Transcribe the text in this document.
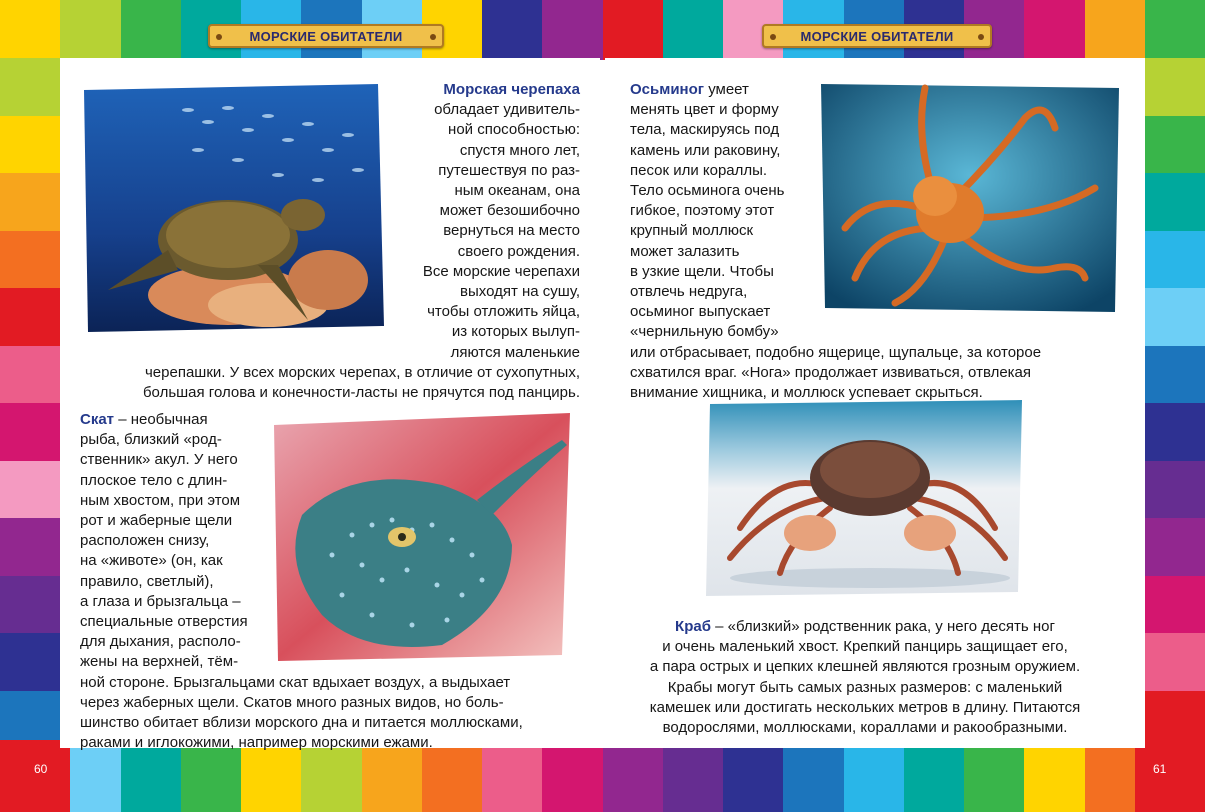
МОРСКИЕ ОБИТАТЕЛИ	МОРСКИЕ ОБИТАТЕЛИ
Морская черепаха
обладает удивитель-
ной способностью:
спустя много лет,
путешествуя по раз-
ным океанам, она
может безошибочно
вернуться на место
своего рождения.
Все морские черепахи
выходят на сушу,
чтобы отложить яйца,
из которых вылуп-
ляются маленькие
черепашки. У всех морских черепах, в отличие от сухопутных,
большая голова и конечности-ласты не прячутся под панцирь.
Скат – необычная
рыба, близкий «род-
ственник» акул. У него
плоское тело с длин-
ным хвостом, при этом
рот и жаберные щели
расположен снизу,
на «животе» (он, как
правило, светлый),
а глаза и брызгальца –
специальные отверстия
для дыхания, располо-
жены на верхней, тём-
ной стороне. Брызгальцами скат вдыхает воздух, а выдыхает
через жаберных щели. Скатов много разных видов, но боль-
шинство обитает вблизи морского дна и питается моллюсками,
раками и иглокожими, например морскими ежами.
Осьминог умеет
менять цвет и форму
тела, маскируясь под
камень или раковину,
песок или кораллы.
Тело осьминога очень
гибкое, поэтому этот
крупный моллюск
может залазить
в узкие щели. Чтобы
отвлечь недруга,
осьминог выпускает
«чернильную бомбу»
или отбрасывает, подобно ящерице, щупальце, за которое
схватился враг. «Нога» продолжает извиваться, отвлекая
внимание хищника, и моллюск успевает скрыться.
Краб – «близкий» родственник рака, у него десять ног
и очень маленький хвост. Крепкий панцирь защищает его,
а пара острых и цепких клешней являются грозным оружием.
Крабы могут быть самых разных размеров: с маленький
камешек или достигать нескольких метров в длину. Питаются
водорослями, моллюсками, кораллами и ракообразными.
60	61
